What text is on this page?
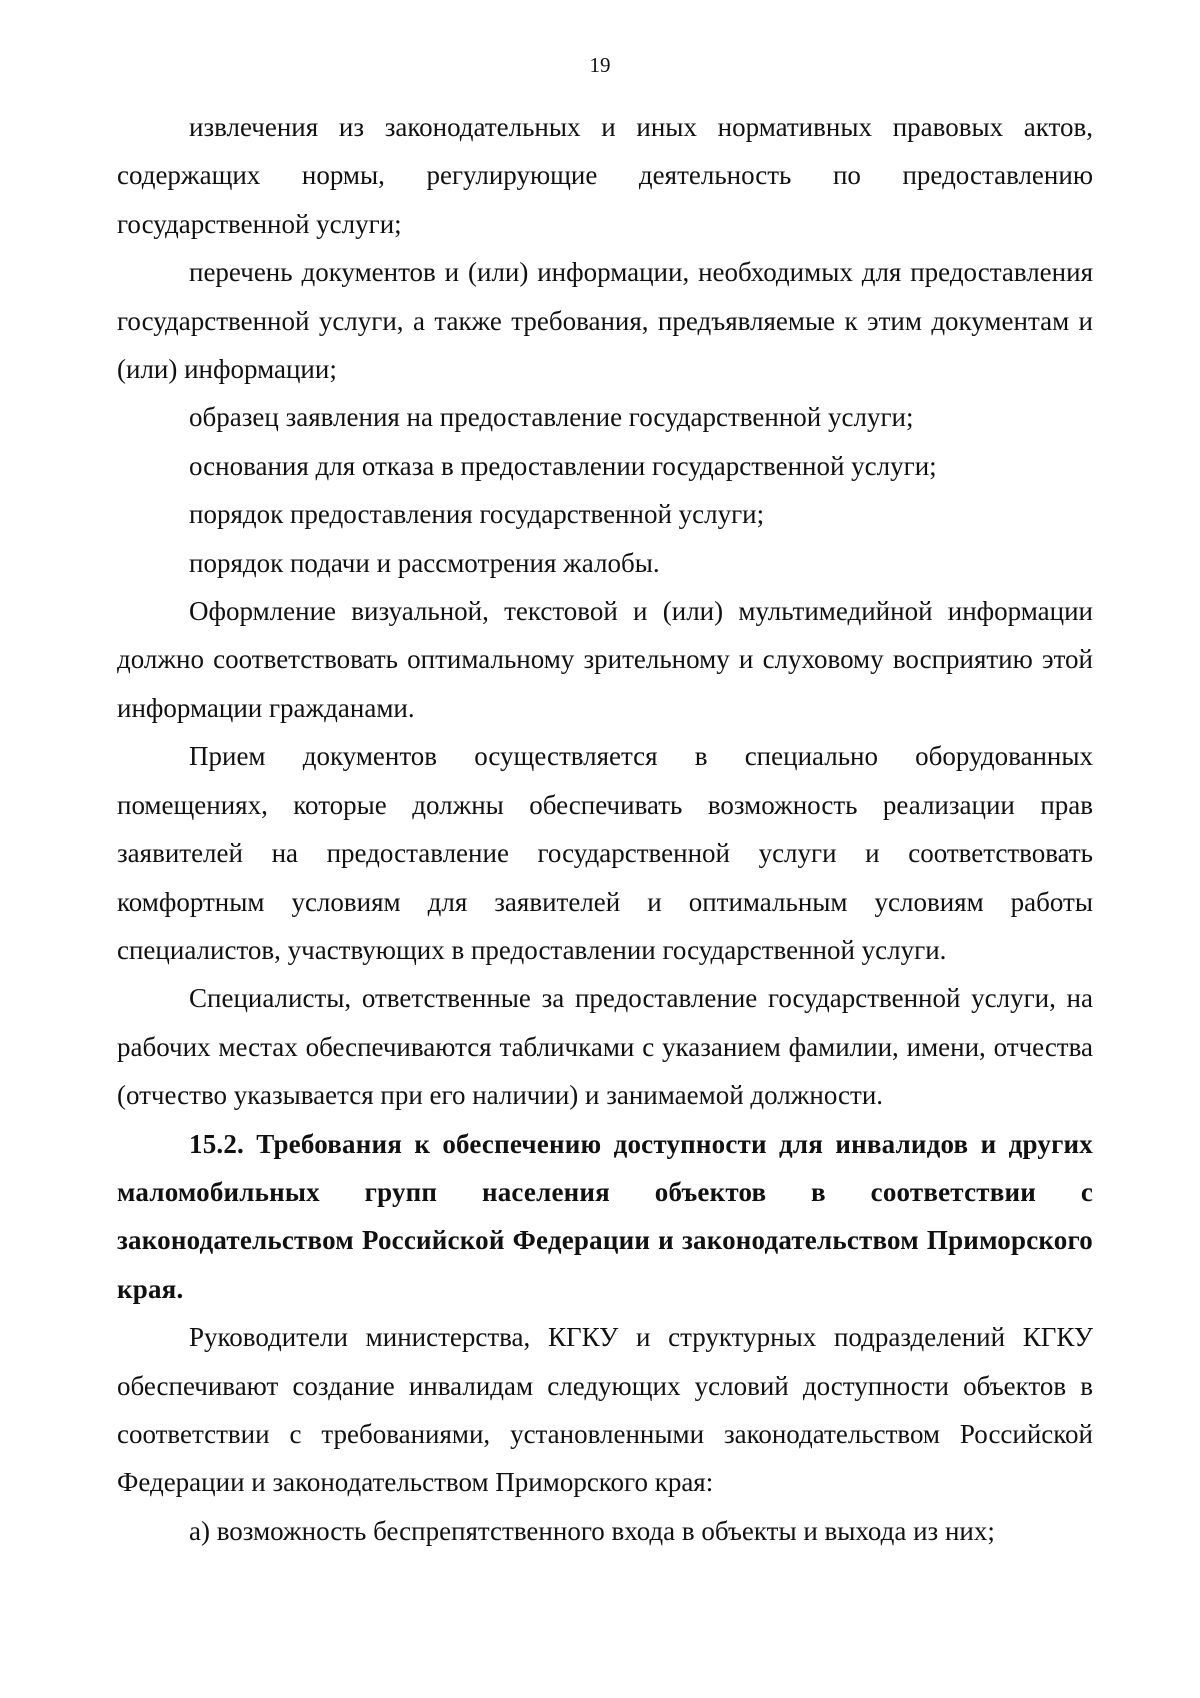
19

извлечения из законодательных и иных нормативных правовых актов, содержащих нормы, регулирующие деятельность по предоставлению государственной услуги;

перечень документов и (или) информации, необходимых для предоставления государственной услуги, а также требования, предъявляемые к этим документам и (или) информации;

образец заявления на предоставление государственной услуги;

основания для отказа в предоставлении государственной услуги;

порядок предоставления государственной услуги;

порядок подачи и рассмотрения жалобы.

Оформление визуальной, текстовой и (или) мультимедийной информации должно соответствовать оптимальному зрительному и слуховому восприятию этой информации гражданами.

Прием документов осуществляется в специально оборудованных помещениях, которые должны обеспечивать возможность реализации прав заявителей на предоставление государственной услуги и соответствовать комфортным условиям для заявителей и оптимальным условиям работы специалистов, участвующих в предоставлении государственной услуги.

Специалисты, ответственные за предоставление государственной услуги, на рабочих местах обеспечиваются табличками с указанием фамилии, имени, отчества (отчество указывается при его наличии) и занимаемой должности.

15.2. Требования к обеспечению доступности для инвалидов и других маломобильных групп населения объектов в соответствии с законодательством Российской Федерации и законодательством Приморского края.

Руководители министерства, КГКУ и структурных подразделений КГКУ обеспечивают создание инвалидам следующих условий доступности объектов в соответствии с требованиями, установленными законодательством Российской Федерации и законодательством Приморского края:

а) возможность беспрепятственного входа в объекты и выхода из них;
